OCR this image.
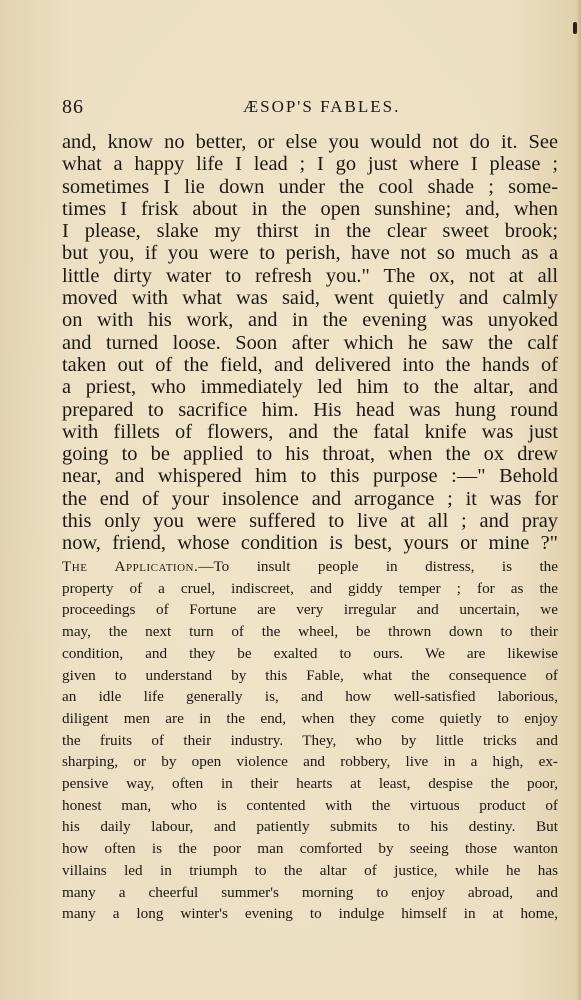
86	ÆSOP'S FABLES.
and, know no better, or else you would not do it. See
what a happy life I lead ; I go just where I please ;
sometimes I lie down under the cool shade ; some-
times I frisk about in the open sunshine; and, when
I please, slake my thirst in the clear sweet brook;
but you, if you were to perish, have not so much as a
little dirty water to refresh you." The ox, not at all
moved with what was said, went quietly and calmly
on with his work, and in the evening was unyoked
and turned loose. Soon after which he saw the calf
taken out of the field, and delivered into the hands of
a priest, who immediately led him to the altar, and
prepared to sacrifice him. His head was hung round
with fillets of flowers, and the fatal knife was just
going to be applied to his throat, when the ox drew
near, and whispered him to this purpose :—" Behold
the end of your insolence and arrogance ; it was for
this only you were suffered to live at all ; and pray
now, friend, whose condition is best, yours or mine ?"
The Application.—To insult people in distress, is the
property of a cruel, indiscreet, and giddy temper ; for as the
proceedings of Fortune are very irregular and uncertain, we
may, the next turn of the wheel, be thrown down to their
condition, and they be exalted to ours. We are likewise
given to understand by this Fable, what the consequence of
an idle life generally is, and how well-satisfied laborious,
diligent men are in the end, when they come quietly to enjoy
the fruits of their industry. They, who by little tricks and
sharping, or by open violence and robbery, live in a high, ex-
pensive way, often in their hearts at least, despise the poor,
honest man, who is contented with the virtuous product of
his daily labour, and patiently submits to his destiny. But
how often is the poor man comforted by seeing those wanton
villains led in triumph to the altar of justice, while he has
many a cheerful summer's morning to enjoy abroad, and
many a long winter's evening to indulge himself in at home,
